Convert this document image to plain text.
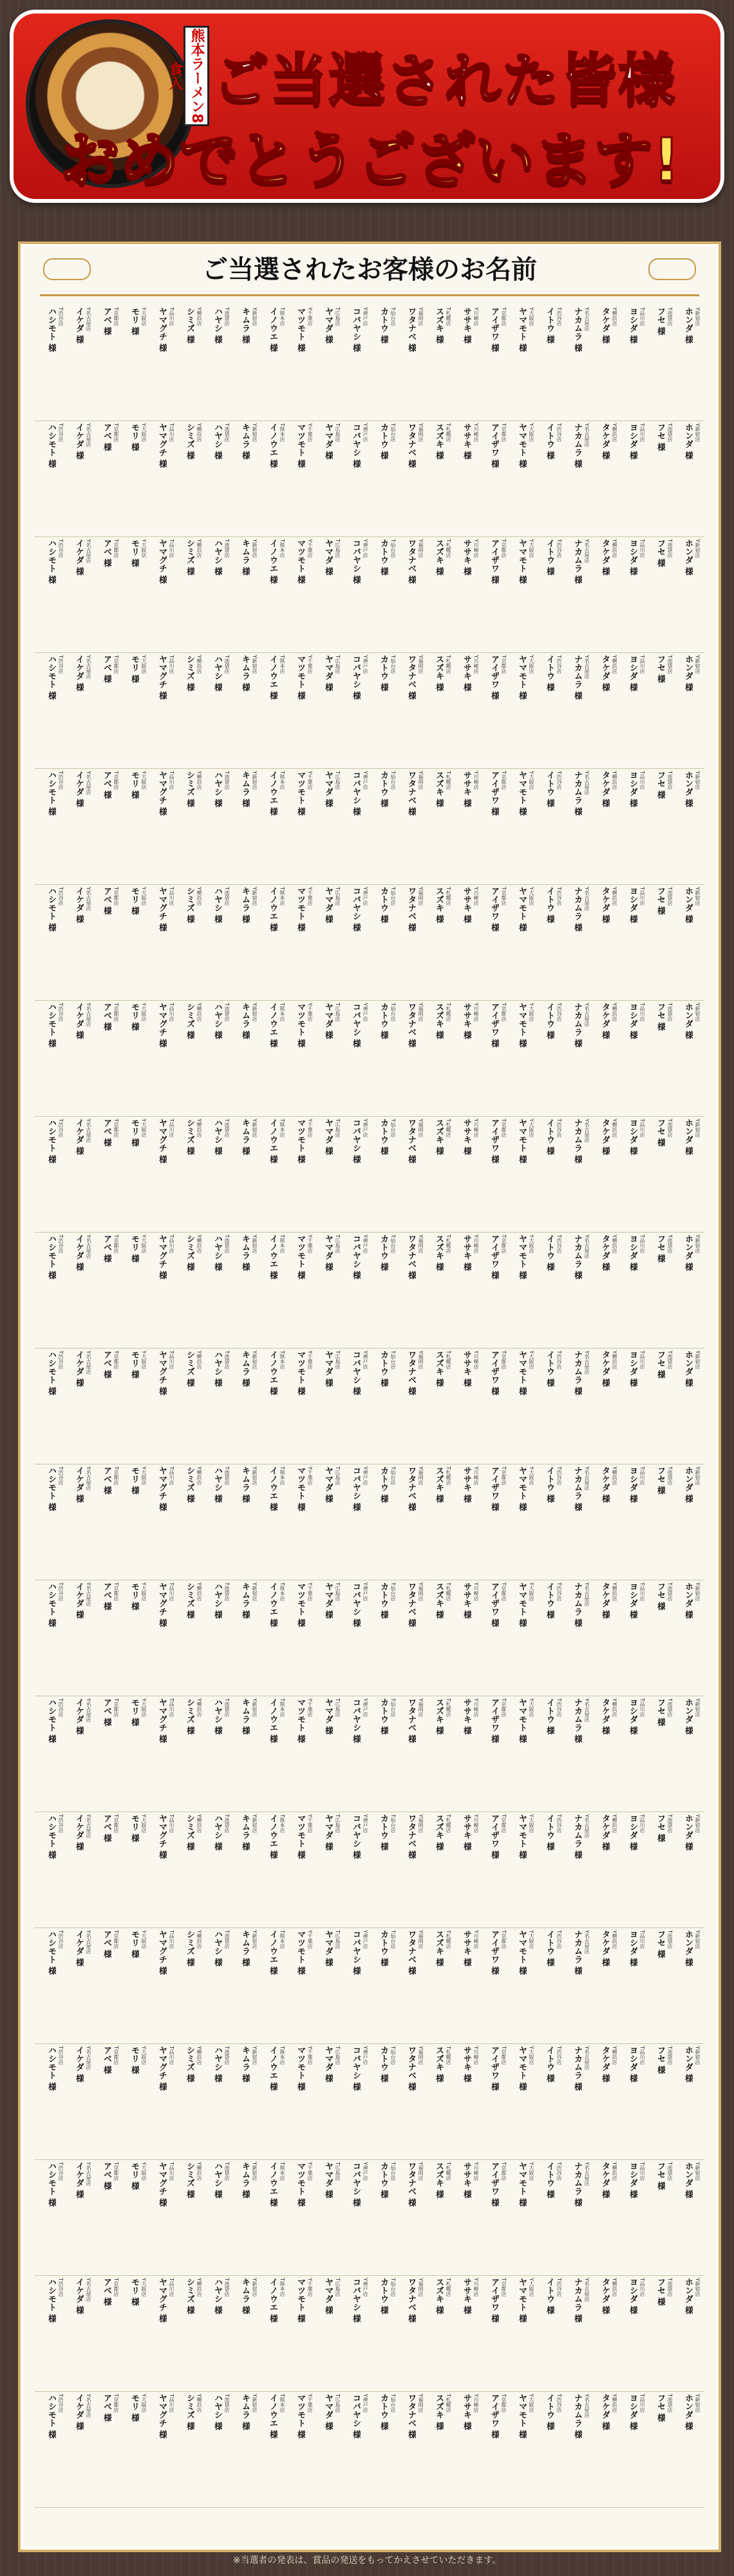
熊本ラーメン8食入 ご当選された皆様
おめでとうございます!
ご当選されたお客様のお名前
Y新宿店
ホンダ 様
T池袋店
フセ 様
T品川店
ヨシダ 様
Y横浜店
タケダ 様
Y名古屋店
ナカムラ 様
T渋谷店
イトウ 様
Y大阪店
ヤマモト 様
T京都店
アイザワ 様
Y川崎店
ササキ 様
T札幌店
スズキ 様
Y福岡店
ワタナベ 様
T仙台店
カトウ 様
Y神戸店
コバヤシ 様
T広島店
ヤマダ 様
Y千葉店
マツモト 様
T熊本店
イノウエ 様
Y新宿店
キムラ 様
T池袋店
ハヤシ 様
Y横浜店
シミズ 様
T品川店
ヤマグチ 様
Y大阪店
モリ 様
T京都店
アベ 様
Y名古屋店
イケダ 様
T渋谷店
ハシモト 様
Y新宿店
ホンダ 様
T池袋店
フセ 様
T品川店
ヨシダ 様
Y横浜店
タケダ 様
Y名古屋店
ナカムラ 様
T渋谷店
イトウ 様
Y大阪店
ヤマモト 様
T京都店
アイザワ 様
Y川崎店
ササキ 様
T札幌店
スズキ 様
Y福岡店
ワタナベ 様
T仙台店
カトウ 様
Y神戸店
コバヤシ 様
T広島店
ヤマダ 様
Y千葉店
マツモト 様
T熊本店
イノウエ 様
Y新宿店
キムラ 様
T池袋店
ハヤシ 様
Y横浜店
シミズ 様
T品川店
ヤマグチ 様
Y大阪店
モリ 様
T京都店
アベ 様
Y名古屋店
イケダ 様
T渋谷店
ハシモト 様
Y新宿店
ホンダ 様
T池袋店
フセ 様
T品川店
ヨシダ 様
Y横浜店
タケダ 様
Y名古屋店
ナカムラ 様
T渋谷店
イトウ 様
Y大阪店
ヤマモト 様
T京都店
アイザワ 様
Y川崎店
ササキ 様
T札幌店
スズキ 様
Y福岡店
ワタナベ 様
T仙台店
カトウ 様
Y神戸店
コバヤシ 様
T広島店
ヤマダ 様
Y千葉店
マツモト 様
T熊本店
イノウエ 様
Y新宿店
キムラ 様
T池袋店
ハヤシ 様
Y横浜店
シミズ 様
T品川店
ヤマグチ 様
Y大阪店
モリ 様
T京都店
アベ 様
Y名古屋店
イケダ 様
T渋谷店
ハシモト 様
Y新宿店
ホンダ 様
T池袋店
フセ 様
T品川店
ヨシダ 様
Y横浜店
タケダ 様
Y名古屋店
ナカムラ 様
T渋谷店
イトウ 様
Y大阪店
ヤマモト 様
T京都店
アイザワ 様
Y川崎店
ササキ 様
T札幌店
スズキ 様
Y福岡店
ワタナベ 様
T仙台店
カトウ 様
Y神戸店
コバヤシ 様
T広島店
ヤマダ 様
Y千葉店
マツモト 様
T熊本店
イノウエ 様
Y新宿店
キムラ 様
T池袋店
ハヤシ 様
Y横浜店
シミズ 様
T品川店
ヤマグチ 様
Y大阪店
モリ 様
T京都店
アベ 様
Y名古屋店
イケダ 様
T渋谷店
ハシモト 様
Y新宿店
ホンダ 様
T池袋店
フセ 様
T品川店
ヨシダ 様
Y横浜店
タケダ 様
Y名古屋店
ナカムラ 様
T渋谷店
イトウ 様
Y大阪店
ヤマモト 様
T京都店
アイザワ 様
Y川崎店
ササキ 様
T札幌店
スズキ 様
Y福岡店
ワタナベ 様
T仙台店
カトウ 様
Y神戸店
コバヤシ 様
T広島店
ヤマダ 様
Y千葉店
マツモト 様
T熊本店
イノウエ 様
Y新宿店
キムラ 様
T池袋店
ハヤシ 様
Y横浜店
シミズ 様
T品川店
ヤマグチ 様
Y大阪店
モリ 様
T京都店
アベ 様
Y名古屋店
イケダ 様
T渋谷店
ハシモト 様
Y新宿店
ホンダ 様
T池袋店
フセ 様
T品川店
ヨシダ 様
Y横浜店
タケダ 様
Y名古屋店
ナカムラ 様
T渋谷店
イトウ 様
Y大阪店
ヤマモト 様
T京都店
アイザワ 様
Y川崎店
ササキ 様
T札幌店
スズキ 様
Y福岡店
ワタナベ 様
T仙台店
カトウ 様
Y神戸店
コバヤシ 様
T広島店
ヤマダ 様
Y千葉店
マツモト 様
T熊本店
イノウエ 様
Y新宿店
キムラ 様
T池袋店
ハヤシ 様
Y横浜店
シミズ 様
T品川店
ヤマグチ 様
Y大阪店
モリ 様
T京都店
アベ 様
Y名古屋店
イケダ 様
T渋谷店
ハシモト 様
Y新宿店
ホンダ 様
T池袋店
フセ 様
T品川店
ヨシダ 様
Y横浜店
タケダ 様
Y名古屋店
ナカムラ 様
T渋谷店
イトウ 様
Y大阪店
ヤマモト 様
T京都店
アイザワ 様
Y川崎店
ササキ 様
T札幌店
スズキ 様
Y福岡店
ワタナベ 様
T仙台店
カトウ 様
Y神戸店
コバヤシ 様
T広島店
ヤマダ 様
Y千葉店
マツモト 様
T熊本店
イノウエ 様
Y新宿店
キムラ 様
T池袋店
ハヤシ 様
Y横浜店
シミズ 様
T品川店
ヤマグチ 様
Y大阪店
モリ 様
T京都店
アベ 様
Y名古屋店
イケダ 様
T渋谷店
ハシモト 様
Y新宿店
ホンダ 様
T池袋店
フセ 様
T品川店
ヨシダ 様
Y横浜店
タケダ 様
Y名古屋店
ナカムラ 様
T渋谷店
イトウ 様
Y大阪店
ヤマモト 様
T京都店
アイザワ 様
Y川崎店
ササキ 様
T札幌店
スズキ 様
Y福岡店
ワタナベ 様
T仙台店
カトウ 様
Y神戸店
コバヤシ 様
T広島店
ヤマダ 様
Y千葉店
マツモト 様
T熊本店
イノウエ 様
Y新宿店
キムラ 様
T池袋店
ハヤシ 様
Y横浜店
シミズ 様
T品川店
ヤマグチ 様
Y大阪店
モリ 様
T京都店
アベ 様
Y名古屋店
イケダ 様
T渋谷店
ハシモト 様
Y新宿店
ホンダ 様
T池袋店
フセ 様
T品川店
ヨシダ 様
Y横浜店
タケダ 様
Y名古屋店
ナカムラ 様
T渋谷店
イトウ 様
Y大阪店
ヤマモト 様
T京都店
アイザワ 様
Y川崎店
ササキ 様
T札幌店
スズキ 様
Y福岡店
ワタナベ 様
T仙台店
カトウ 様
Y神戸店
コバヤシ 様
T広島店
ヤマダ 様
Y千葉店
マツモト 様
T熊本店
イノウエ 様
Y新宿店
キムラ 様
T池袋店
ハヤシ 様
Y横浜店
シミズ 様
T品川店
ヤマグチ 様
Y大阪店
モリ 様
T京都店
アベ 様
Y名古屋店
イケダ 様
T渋谷店
ハシモト 様
Y新宿店
ホンダ 様
T池袋店
フセ 様
T品川店
ヨシダ 様
Y横浜店
タケダ 様
Y名古屋店
ナカムラ 様
T渋谷店
イトウ 様
Y大阪店
ヤマモト 様
T京都店
アイザワ 様
Y川崎店
ササキ 様
T札幌店
スズキ 様
Y福岡店
ワタナベ 様
T仙台店
カトウ 様
Y神戸店
コバヤシ 様
T広島店
ヤマダ 様
Y千葉店
マツモト 様
T熊本店
イノウエ 様
Y新宿店
キムラ 様
T池袋店
ハヤシ 様
Y横浜店
シミズ 様
T品川店
ヤマグチ 様
Y大阪店
モリ 様
T京都店
アベ 様
Y名古屋店
イケダ 様
T渋谷店
ハシモト 様
Y新宿店
ホンダ 様
T池袋店
フセ 様
T品川店
ヨシダ 様
Y横浜店
タケダ 様
Y名古屋店
ナカムラ 様
T渋谷店
イトウ 様
Y大阪店
ヤマモト 様
T京都店
アイザワ 様
Y川崎店
ササキ 様
T札幌店
スズキ 様
Y福岡店
ワタナベ 様
T仙台店
カトウ 様
Y神戸店
コバヤシ 様
T広島店
ヤマダ 様
Y千葉店
マツモト 様
T熊本店
イノウエ 様
Y新宿店
キムラ 様
T池袋店
ハヤシ 様
Y横浜店
シミズ 様
T品川店
ヤマグチ 様
Y大阪店
モリ 様
T京都店
アベ 様
Y名古屋店
イケダ 様
T渋谷店
ハシモト 様
Y新宿店
ホンダ 様
T池袋店
フセ 様
T品川店
ヨシダ 様
Y横浜店
タケダ 様
Y名古屋店
ナカムラ 様
T渋谷店
イトウ 様
Y大阪店
ヤマモト 様
T京都店
アイザワ 様
Y川崎店
ササキ 様
T札幌店
スズキ 様
Y福岡店
ワタナベ 様
T仙台店
カトウ 様
Y神戸店
コバヤシ 様
T広島店
ヤマダ 様
Y千葉店
マツモト 様
T熊本店
イノウエ 様
Y新宿店
キムラ 様
T池袋店
ハヤシ 様
Y横浜店
シミズ 様
T品川店
ヤマグチ 様
Y大阪店
モリ 様
T京都店
アベ 様
Y名古屋店
イケダ 様
T渋谷店
ハシモト 様
Y新宿店
ホンダ 様
T池袋店
フセ 様
T品川店
ヨシダ 様
Y横浜店
タケダ 様
Y名古屋店
ナカムラ 様
T渋谷店
イトウ 様
Y大阪店
ヤマモト 様
T京都店
アイザワ 様
Y川崎店
ササキ 様
T札幌店
スズキ 様
Y福岡店
ワタナベ 様
T仙台店
カトウ 様
Y神戸店
コバヤシ 様
T広島店
ヤマダ 様
Y千葉店
マツモト 様
T熊本店
イノウエ 様
Y新宿店
キムラ 様
T池袋店
ハヤシ 様
Y横浜店
シミズ 様
T品川店
ヤマグチ 様
Y大阪店
モリ 様
T京都店
アベ 様
Y名古屋店
イケダ 様
T渋谷店
ハシモト 様
Y新宿店
ホンダ 様
T池袋店
フセ 様
T品川店
ヨシダ 様
Y横浜店
タケダ 様
Y名古屋店
ナカムラ 様
T渋谷店
イトウ 様
Y大阪店
ヤマモト 様
T京都店
アイザワ 様
Y川崎店
ササキ 様
T札幌店
スズキ 様
Y福岡店
ワタナベ 様
T仙台店
カトウ 様
Y神戸店
コバヤシ 様
T広島店
ヤマダ 様
Y千葉店
マツモト 様
T熊本店
イノウエ 様
Y新宿店
キムラ 様
T池袋店
ハヤシ 様
Y横浜店
シミズ 様
T品川店
ヤマグチ 様
Y大阪店
モリ 様
T京都店
アベ 様
Y名古屋店
イケダ 様
T渋谷店
ハシモト 様
Y新宿店
ホンダ 様
T池袋店
フセ 様
T品川店
ヨシダ 様
Y横浜店
タケダ 様
Y名古屋店
ナカムラ 様
T渋谷店
イトウ 様
Y大阪店
ヤマモト 様
T京都店
アイザワ 様
Y川崎店
ササキ 様
T札幌店
スズキ 様
Y福岡店
ワタナベ 様
T仙台店
カトウ 様
Y神戸店
コバヤシ 様
T広島店
ヤマダ 様
Y千葉店
マツモト 様
T熊本店
イノウエ 様
Y新宿店
キムラ 様
T池袋店
ハヤシ 様
Y横浜店
シミズ 様
T品川店
ヤマグチ 様
Y大阪店
モリ 様
T京都店
アベ 様
Y名古屋店
イケダ 様
T渋谷店
ハシモト 様
Y新宿店
ホンダ 様
T池袋店
フセ 様
T品川店
ヨシダ 様
Y横浜店
タケダ 様
Y名古屋店
ナカムラ 様
T渋谷店
イトウ 様
Y大阪店
ヤマモト 様
T京都店
アイザワ 様
Y川崎店
ササキ 様
T札幌店
スズキ 様
Y福岡店
ワタナベ 様
T仙台店
カトウ 様
Y神戸店
コバヤシ 様
T広島店
ヤマダ 様
Y千葉店
マツモト 様
T熊本店
イノウエ 様
Y新宿店
キムラ 様
T池袋店
ハヤシ 様
Y横浜店
シミズ 様
T品川店
ヤマグチ 様
Y大阪店
モリ 様
T京都店
アベ 様
Y名古屋店
イケダ 様
T渋谷店
ハシモト 様
Y新宿店
ホンダ 様
T池袋店
フセ 様
T品川店
ヨシダ 様
Y横浜店
タケダ 様
Y名古屋店
ナカムラ 様
T渋谷店
イトウ 様
Y大阪店
ヤマモト 様
T京都店
アイザワ 様
Y川崎店
ササキ 様
T札幌店
スズキ 様
Y福岡店
ワタナベ 様
T仙台店
カトウ 様
Y神戸店
コバヤシ 様
T広島店
ヤマダ 様
Y千葉店
マツモト 様
T熊本店
イノウエ 様
Y新宿店
キムラ 様
T池袋店
ハヤシ 様
Y横浜店
シミズ 様
T品川店
ヤマグチ 様
Y大阪店
モリ 様
T京都店
アベ 様
Y名古屋店
イケダ 様
T渋谷店
ハシモト 様
Y新宿店
ホンダ 様
T池袋店
フセ 様
T品川店
ヨシダ 様
Y横浜店
タケダ 様
Y名古屋店
ナカムラ 様
T渋谷店
イトウ 様
Y大阪店
ヤマモト 様
T京都店
アイザワ 様
Y川崎店
ササキ 様
T札幌店
スズキ 様
Y福岡店
ワタナベ 様
T仙台店
カトウ 様
Y神戸店
コバヤシ 様
T広島店
ヤマダ 様
Y千葉店
マツモト 様
T熊本店
イノウエ 様
Y新宿店
キムラ 様
T池袋店
ハヤシ 様
Y横浜店
シミズ 様
T品川店
ヤマグチ 様
Y大阪店
モリ 様
T京都店
アベ 様
Y名古屋店
イケダ 様
T渋谷店
ハシモト 様
Y新宿店
ホンダ 様
T池袋店
フセ 様
T品川店
ヨシダ 様
Y横浜店
タケダ 様
Y名古屋店
ナカムラ 様
T渋谷店
イトウ 様
Y大阪店
ヤマモト 様
T京都店
アイザワ 様
Y川崎店
ササキ 様
T札幌店
スズキ 様
Y福岡店
ワタナベ 様
T仙台店
カトウ 様
Y神戸店
コバヤシ 様
T広島店
ヤマダ 様
Y千葉店
マツモト 様
T熊本店
イノウエ 様
Y新宿店
キムラ 様
T池袋店
ハヤシ 様
Y横浜店
シミズ 様
T品川店
ヤマグチ 様
Y大阪店
モリ 様
T京都店
アベ 様
Y名古屋店
イケダ 様
T渋谷店
ハシモト 様
※当選者の発表は、賞品の発送をもってかえさせていただきます。
